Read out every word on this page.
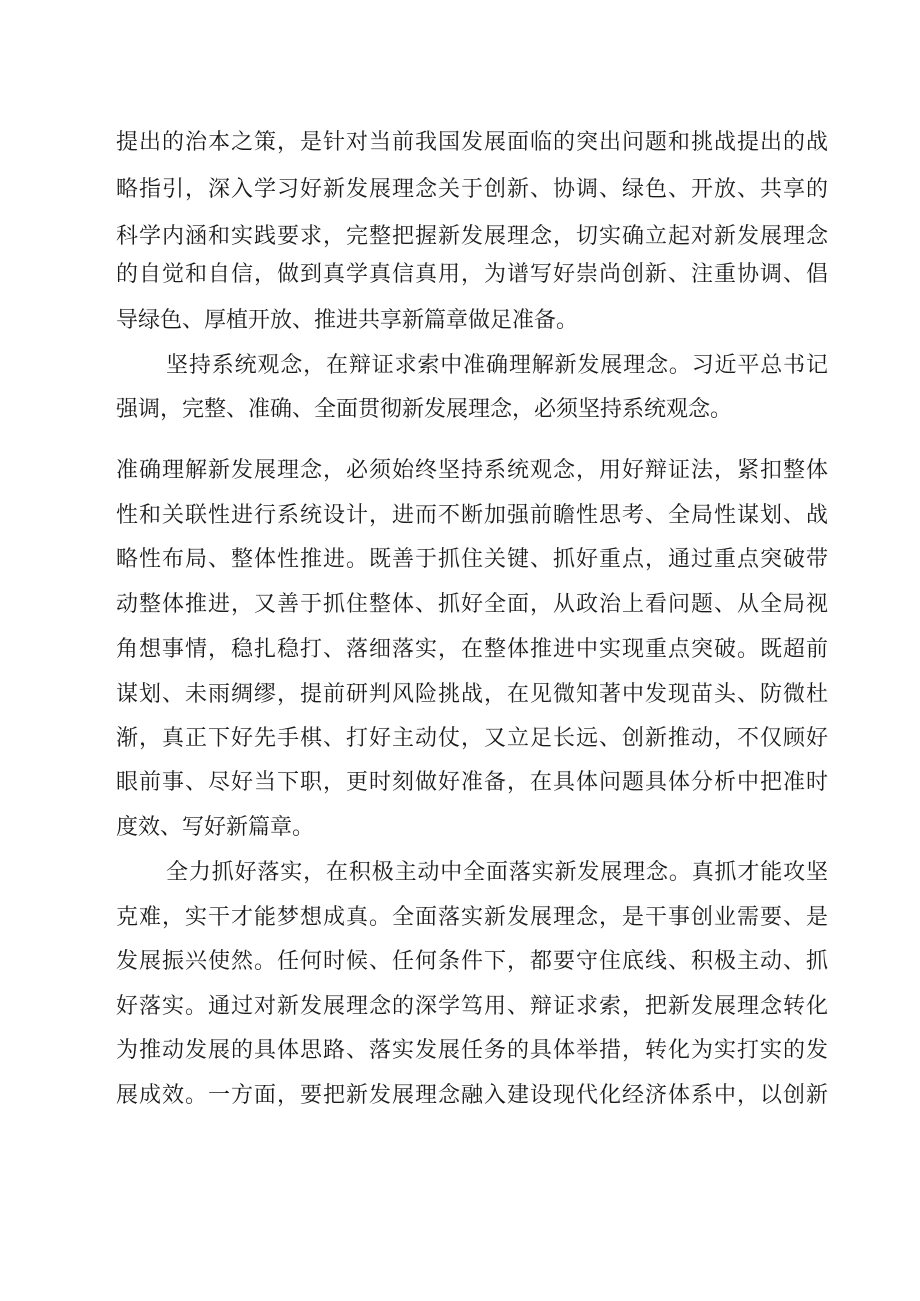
提出的治本之策，是针对当前我国发展面临的突出问题和挑战提出的战
略指引，深入学习好新发展理念关于创新、协调、绿色、开放、共享的
科学内涵和实践要求，完整把握新发展理念，切实确立起对新发展理念
的自觉和自信，做到真学真信真用，为谱写好崇尚创新、注重协调、倡
导绿色、厚植开放、推进共享新篇章做足准备。
坚持系统观念，在辩证求索中准确理解新发展理念。习近平总书记
强调，完整、准确、全面贯彻新发展理念，必须坚持系统观念。
准确理解新发展理念，必须始终坚持系统观念，用好辩证法，紧扣整体
性和关联性进行系统设计，进而不断加强前瞻性思考、全局性谋划、战
略性布局、整体性推进。既善于抓住关键、抓好重点，通过重点突破带
动整体推进，又善于抓住整体、抓好全面，从政治上看问题、从全局视
角想事情，稳扎稳打、落细落实，在整体推进中实现重点突破。既超前
谋划、未雨绸缪，提前研判风险挑战，在见微知著中发现苗头、防微杜
渐，真正下好先手棋、打好主动仗，又立足长远、创新推动，不仅顾好
眼前事、尽好当下职，更时刻做好准备，在具体问题具体分析中把准时
度效、写好新篇章。
全力抓好落实，在积极主动中全面落实新发展理念。真抓才能攻坚
克难，实干才能梦想成真。全面落实新发展理念，是干事创业需要、是
发展振兴使然。任何时候、任何条件下，都要守住底线、积极主动、抓
好落实。通过对新发展理念的深学笃用、辩证求索，把新发展理念转化
为推动发展的具体思路、落实发展任务的具体举措，转化为实打实的发
展成效。一方面，要把新发展理念融入建设现代化经济体系中，以创新
